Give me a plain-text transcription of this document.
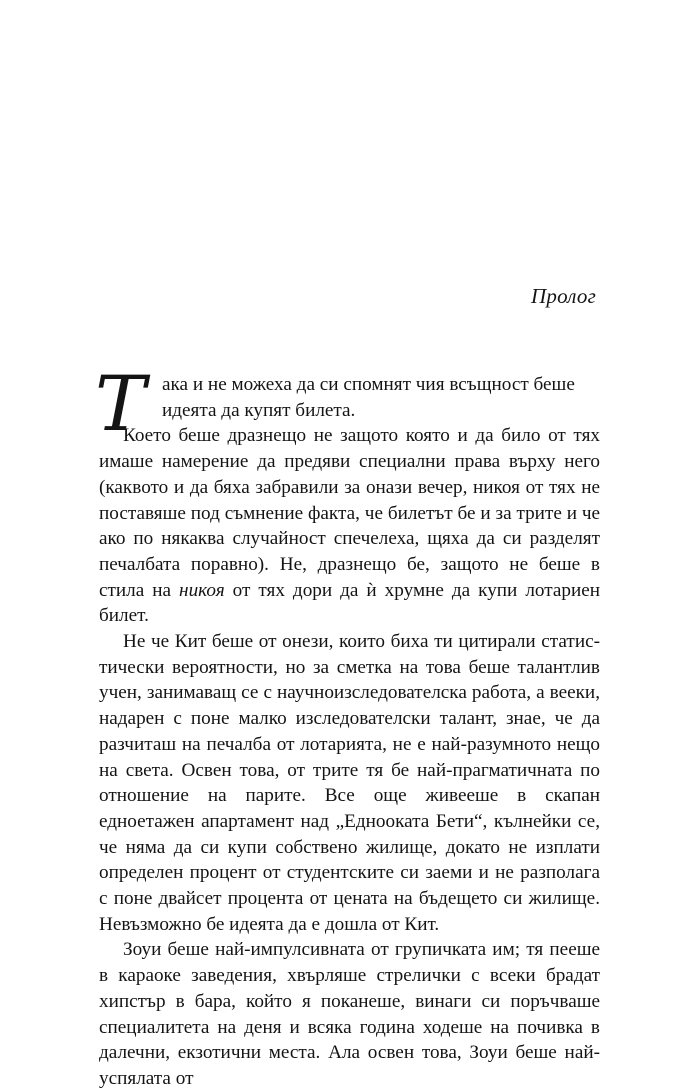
Пролог
Т ака и не можеха да си спомнят чия всъщност беше
идеята да купят билета.

Което беше дразнещо не защото която и да било от тях имаше намерение да предяви специални права върху него (каквото и да бяха забравили за онази вечер, никоя от тях не поставяше под съмнение факта, че билетът бе и за трите и че ако по някаква случайност спечелеха, щяха да си разделят печалбата поравно). Не, дразнещо бе, защото не беше в стила на никоя от тях дори да ѝ хрумне да купи лотариен билет.

Не че Кит беше от онези, които биха ти цитирали статистически вероятности, но за сметка на това беше талантлив учен, занимаващ се с научноизследователска работа, а вееки, надарен с поне малко изследователски талант, знае, че да разчиташ на печалба от лотарията, не е най-разумното нещо на света. Освен това, от трите тя бе най-прагматичната по отношение на парите. Все още живееше в скапан едноетажен апартамент над „Еднооката Бети“, кълнейки се, че няма да си купи собствено жилище, докато не изплати определен процент от студентските си заеми и не разполага с поне двайсет процента от цената на бъдещето си жилище. Невъзможно бе идеята да е дошла от Кит.

Зоуи беше най-импулсивната от групичката им; тя пееше в караоке заведения, хвърляше стрелички с всеки брадат хипстър в бара, който я поканеше, винаги си поръчваше специалитета на деня и всяка година ходеше на почивка в далечни, екзотични места. Ала освен това, Зоуи беше най-успялата от
